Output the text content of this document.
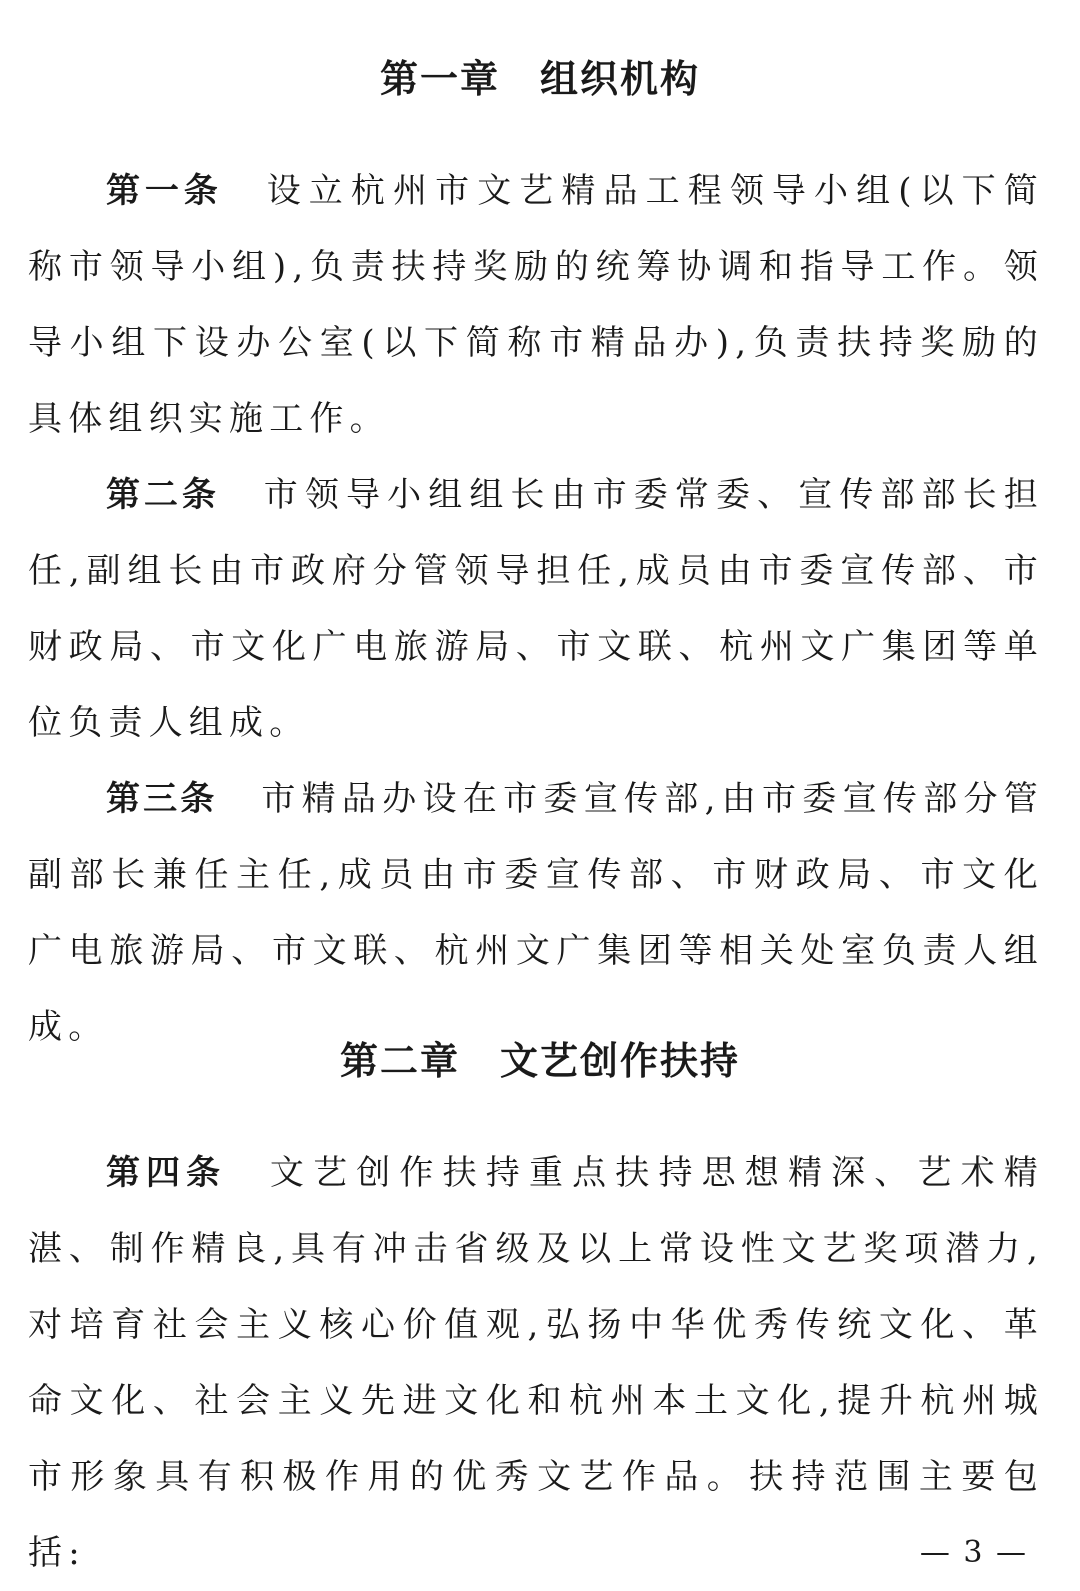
第一章　组织机构

第一条 设立杭州市文艺精品工程领导小组(以下简称市领导小组),负责扶持奖励的统筹协调和指导工作。领导小组下设办公室(以下简称市精品办),负责扶持奖励的具体组织实施工作。

第二条 市领导小组组长由市委常委、宣传部部长担任,副组长由市政府分管领导担任,成员由市委宣传部、市财政局、市文化广电旅游局、市文联、杭州文广集团等单位负责人组成。

第三条 市精品办设在市委宣传部,由市委宣传部分管副部长兼任主任,成员由市委宣传部、市财政局、市文化广电旅游局、市文联、杭州文广集团等相关处室负责人组成。

第二章　文艺创作扶持

第四条 文艺创作扶持重点扶持思想精深、艺术精湛、制作精良,具有冲击省级及以上常设性文艺奖项潜力,对培育社会主义核心价值观,弘扬中华优秀传统文化、革命文化、社会主义先进文化和杭州本土文化,提升杭州城市形象具有积极作用的优秀文艺作品。扶持范围主要包括:	— 3 —
